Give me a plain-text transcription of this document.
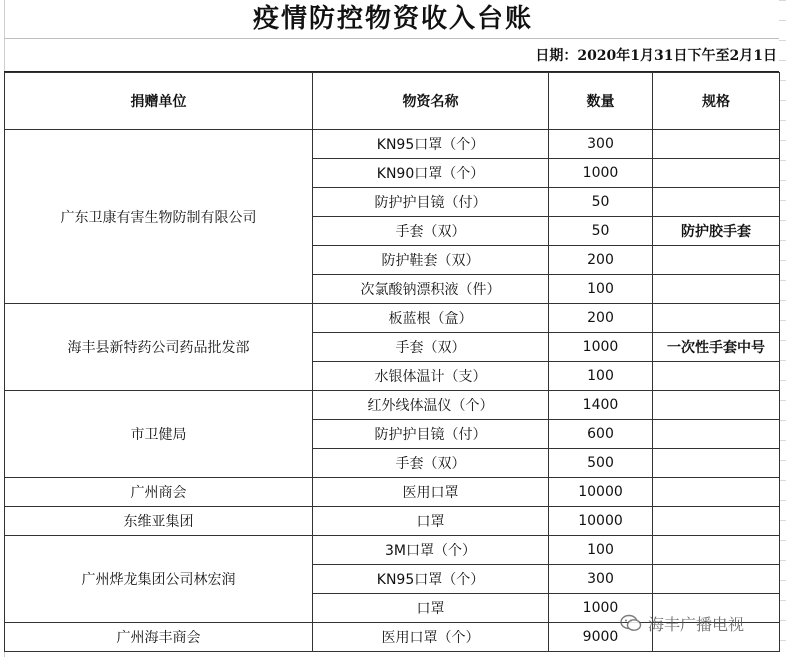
疫情防控物资收入台账
日期：2020年1月31日下午至2月1日
捐赠单位	物资名称	数量	规格
广东卫康有害生物防制有限公司	KN95口罩（个）	300	
	KN90口罩（个）	1000	
	防护护目镜（付）	50	
	手套（双）	50	防护胶手套
	防护鞋套（双）	200	
	次氯酸钠漂积液（件）	100	
海丰县新特药公司药品批发部	板蓝根（盒）	200	
	手套（双）	1000	一次性手套中号
	水银体温计（支）	100	
市卫健局	红外线体温仪（个）	1400	
	防护护目镜（付）	600	
	手套（双）	500	
广州商会	医用口罩	10000	
东维亚集团	口罩	10000	
广州烨龙集团公司林宏润	3M口罩（个）	100	
	KN95口罩（个）	300	
	口罩	1000	
广州海丰商会	医用口罩（个）	9000	
海丰广播电视
